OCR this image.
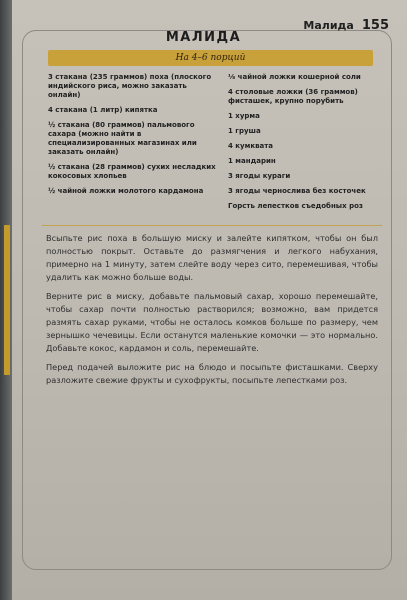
Малида 155
МАЛИДА
На 4–6 порций
3 стакана (235 граммов) поха (плоского индийского риса, можно заказать онлайн)
4 стакана (1 литр) кипятка
½ стакана (80 граммов) пальмового сахара (можно найти в специализированных магазинах или заказать онлайн)
½ стакана (28 граммов) сухих несладких кокосовых хлопьев
½ чайной ложки молотого кардамона
⅛ чайной ложки кошерной соли
4 столовые ложки (36 граммов) фисташек, крупно порубить
1 хурма
1 груша
4 кумквата
1 мандарин
3 ягоды кураги
3 ягоды чернослива без косточек
Горсть лепестков съедобных роз

Всыпьте рис поха в большую миску и залейте кипятком, чтобы он был полностью покрыт. Оставьте до размягчения и легкого набухания, примерно на 1 минуту, затем слейте воду через сито, перемешивая, чтобы удалить как можно больше воды.

Верните рис в миску, добавьте пальмовый сахар, хорошо перемешайте, чтобы сахар почти полностью растворился; возможно, вам придется размять сахар руками, чтобы не осталось комков больше по размеру, чем зернышко чечевицы. Если останутся маленькие комочки — это нормально. Добавьте кокос, кардамон и соль, перемешайте.

Перед подачей выложите рис на блюдо и посыпьте фисташками. Сверху разложите свежие фрукты и сухофрукты, посыпьте лепестками роз.
